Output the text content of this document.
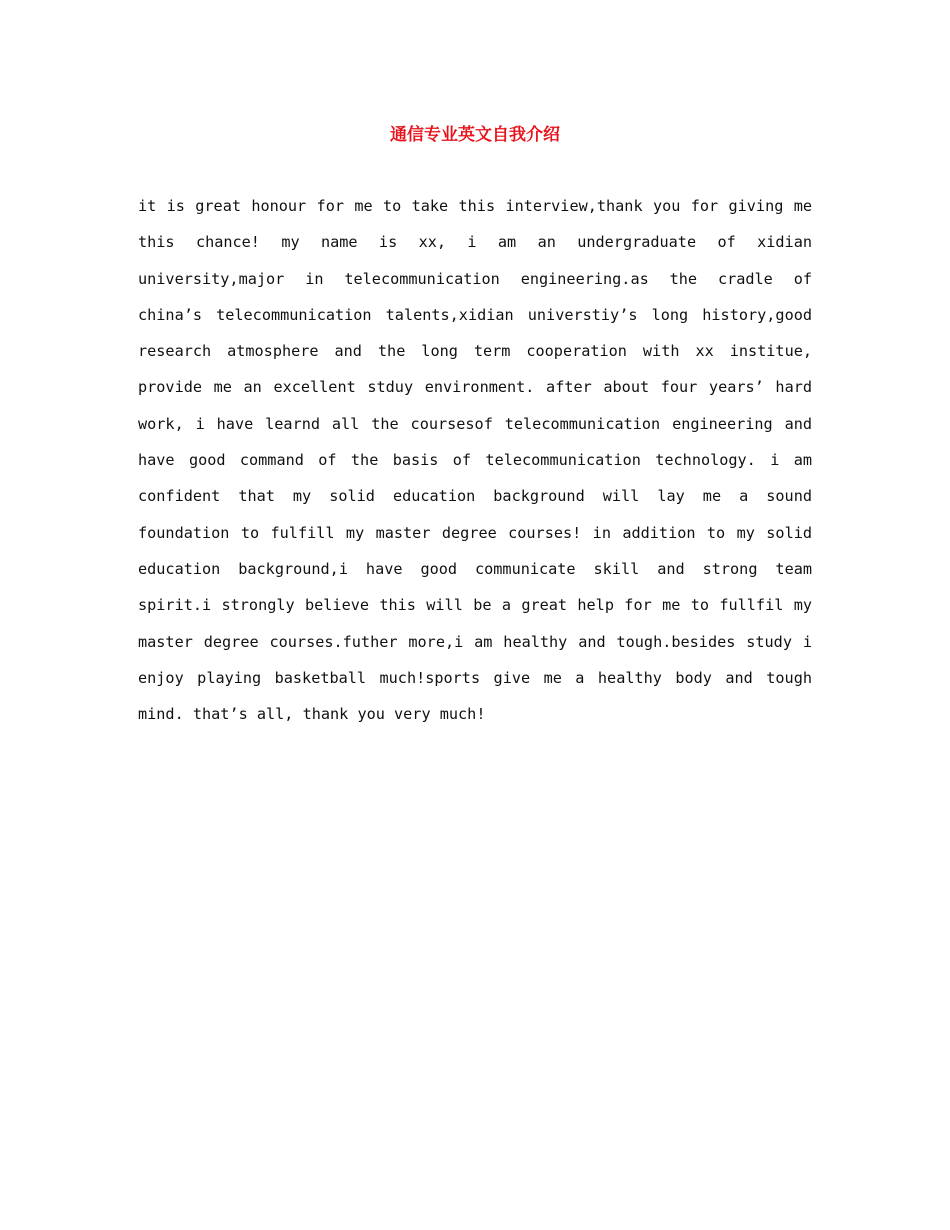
通信专业英文自我介绍

it is great honour for me to take this interview,thank you for giving me this chance! my name is xx, i am an undergraduate of xidian university,major in telecommunication engineering.as the cradle of china’s telecommunication talents,xidian universtiy’s long history,good research atmosphere and the long term cooperation with xx institue, provide me an excellent stduy environment. after about four years’ hard work, i have learnd all the coursesof telecommunication engineering and have good command of the basis of telecommunication technology. i am confident that my solid education background will lay me a sound foundation to fulfill my master degree courses! in addition to my solid education background,i have good communicate skill and strong team spirit.i strongly believe this will be a great help for me to fullfil my master degree courses.futher more,i am healthy and tough.besides study i enjoy playing basketball much!sports give me a healthy body and tough mind. that’s all, thank you very much!
